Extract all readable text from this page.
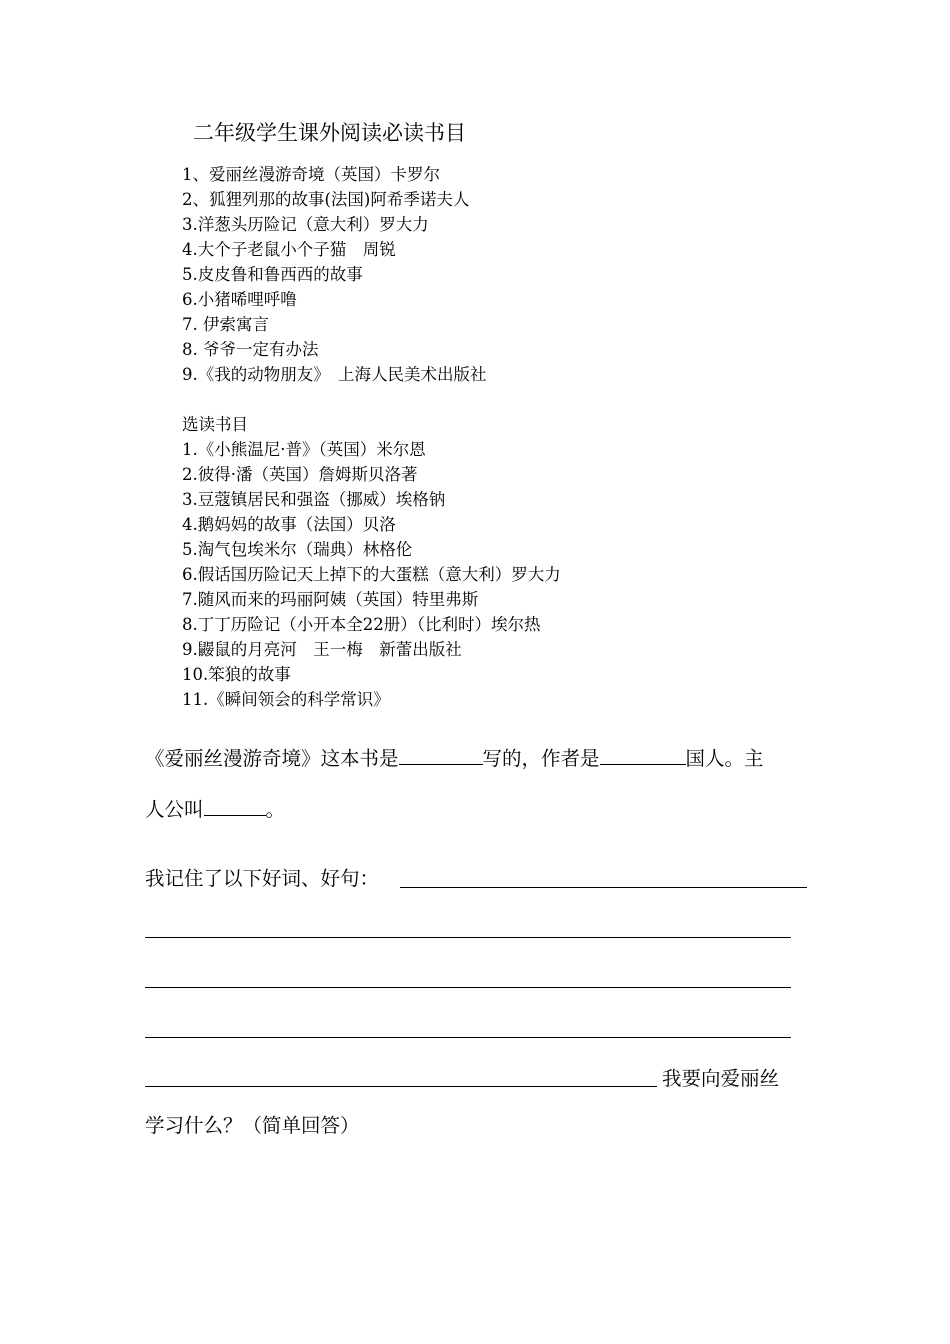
二年级学生课外阅读必读书目
1、爱丽丝漫游奇境（英国）卡罗尔
2、狐狸列那的故事(法国)阿希季诺夫人
3.洋葱头历险记（意大利）罗大力
4.大个子老鼠小个子猫　周锐
5.皮皮鲁和鲁西西的故事
6.小猪唏哩呼噜
7. 伊索寓言
8. 爷爷一定有办法
9.《我的动物朋友》　上海人民美术出版社
选读书目
1.《小熊温尼·普》（英国）米尔恩
2.彼得·潘（英国）詹姆斯贝洛著
3.豆蔻镇居民和强盗（挪威）埃格钠
4.鹅妈妈的故事（法国）贝洛
5.淘气包埃米尔（瑞典）林格伦
6.假话国历险记天上掉下的大蛋糕（意大利）罗大力
7.随风而来的玛丽阿姨（英国）特里弗斯
8.丁丁历险记（小开本全22册）（比利时）埃尔热
9.鼹鼠的月亮河　王一梅　新蕾出版社
10.笨狼的故事
11.《瞬间领会的科学常识》
《爱丽丝漫游奇境》这本书是	写的，作者是	国人。主
人公叫	。
我记住了以下好词、好句：
我要向爱丽丝
学习什么？（简单回答）
